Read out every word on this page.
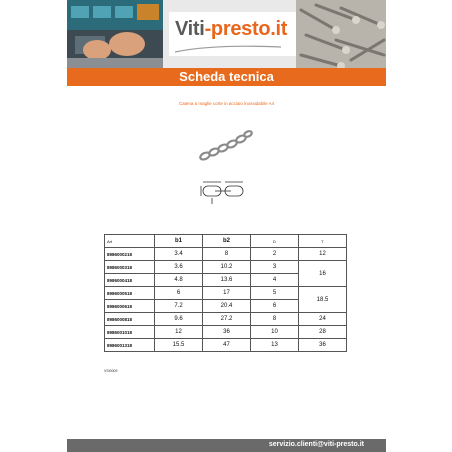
Viti-presto.it
Scheda tecnica
Catena a maglie corte in acciaio inossidabile A4
Art	b1	b2	D	T
8986000218	3.4	8	2	12
8986000318	3.6	10.2	3	16
8986000418	4.8	13.6	4	
8986000518	6	17	5	18.5
8986000618	7.2	20.4	6	
8986000818	9.6	27.2	8	24
8986001018	12	36	10	28
8986001318	15.5	47	13	36
VSI0009
servizio.clienti@viti-presto.it
